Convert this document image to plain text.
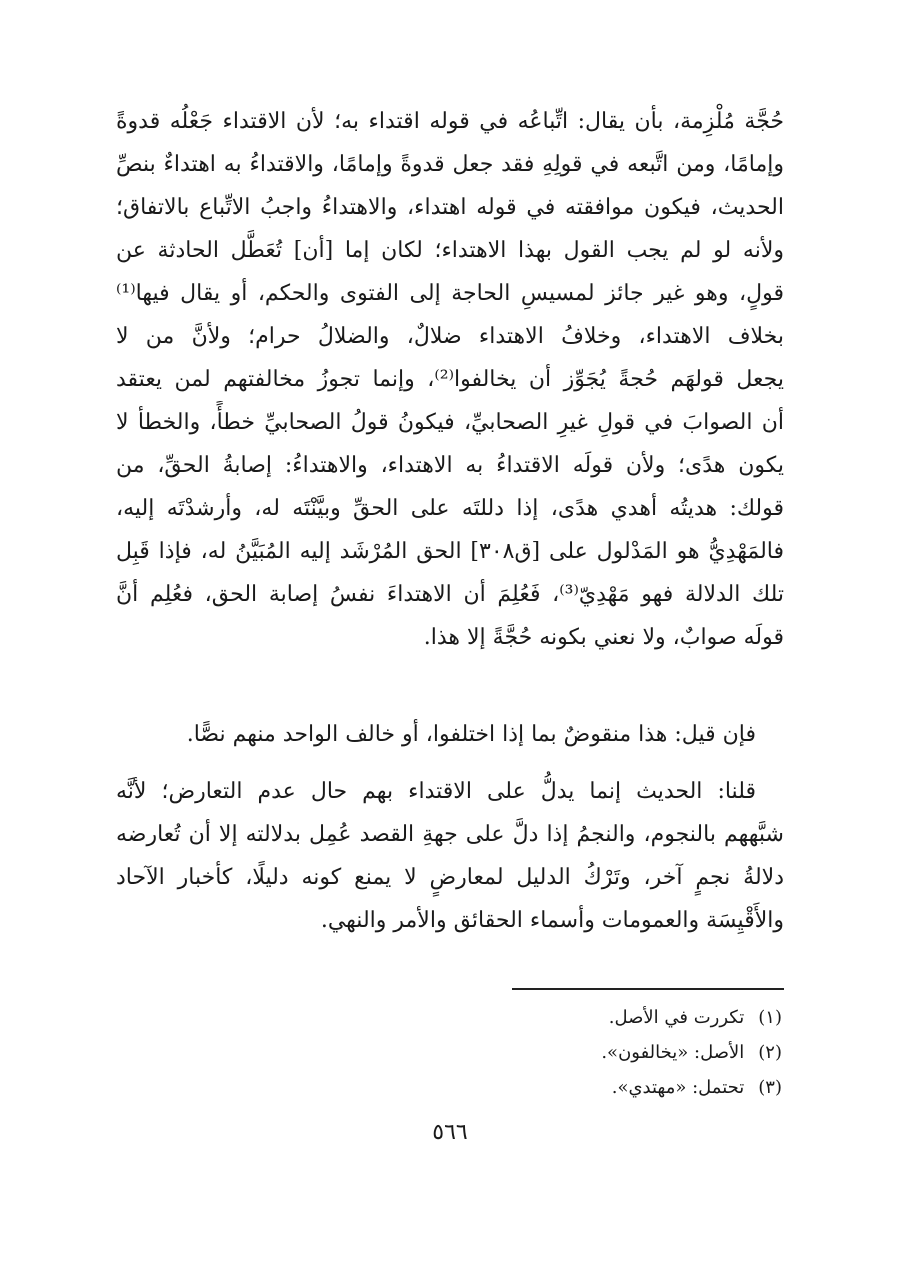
حُجَّة مُلْزِمة، بأن يقال: اتِّباعُه في قوله اقتداء به؛ لأن الاقتداء جَعْلُه قدوةً
وإمامًا، ومن اتَّبعه في قولِهِ فقد جعل قدوةً وإمامًا، والاقتداءُ به اهتداءٌ بنصِّ
الحديث، فيكون موافقته في قوله اهتداء، والاهتداءُ واجبُ الاتِّباع بالاتفاق؛
ولأنه لو لم يجب القول بهذا الاهتداء؛ لكان إما [أن] تُعَطَّل الحادثة عن
قولٍ، وهو غير جائز لمسيسِ الحاجة إلى الفتوى والحكم، أو يقال فيها⁽¹⁾
بخلاف الاهتداء، وخلافُ الاهتداء ضلالٌ، والضلالُ حرام؛ ولأنَّ من لا
يجعل قولهَم حُجةً يُجَوِّز أن يخالفوا⁽²⁾، وإنما تجوزُ مخالفتهم لمن يعتقد
أن الصوابَ في قولِ غيرِ الصحابيِّ، فيكونُ قولُ الصحابيِّ خطأً، والخطأ لا
يكون هدًى؛ ولأن قولَه الاقتداءُ به الاهتداء، والاهتداءُ: إصابةُ الحقِّ، من
قولك: هديتُه أهدي هدًى، إذا دللتَه على الحقِّ وبيَّنْتَه له، وأرشدْتَه إليه،
فالمَهْدِيُّ هو المَدْلول على [ق٣٠٨] الحق المُرْشَد إليه المُبَيَّنُ له، فإذا قَبِل
تلك الدلالة فهو مَهْدِيّ⁽³⁾، فَعُلِمَ أن الاهتداءَ نفسُ إصابة الحق، فعُلِم أنَّ
قولَه صوابٌ، ولا نعني بكونه حُجَّةً إلا هذا.
فإن قيل: هذا منقوضٌ بما إذا اختلفوا، أو خالف الواحد منهم نصًّا.
قلنا: الحديث إنما يدلُّ على الاقتداء بهم حال عدم التعارض؛ لأنَّه
شبَّههم بالنجوم، والنجمُ إذا دلَّ على جهةِ القصد عُمِل بدلالته إلا أن تُعارضه
دلالةُ نجمٍ آخر، وتَرْكُ الدليل لمعارضٍ لا يمنع كونه دليلًا، كأخبار الآحاد
والأَقْيِسَة والعمومات وأسماء الحقائق والأمر والنهي.
(١)تكررت في الأصل.
(٢)الأصل: «يخالفون».
(٣)تحتمل: «مهتدي».
٥٦٦
